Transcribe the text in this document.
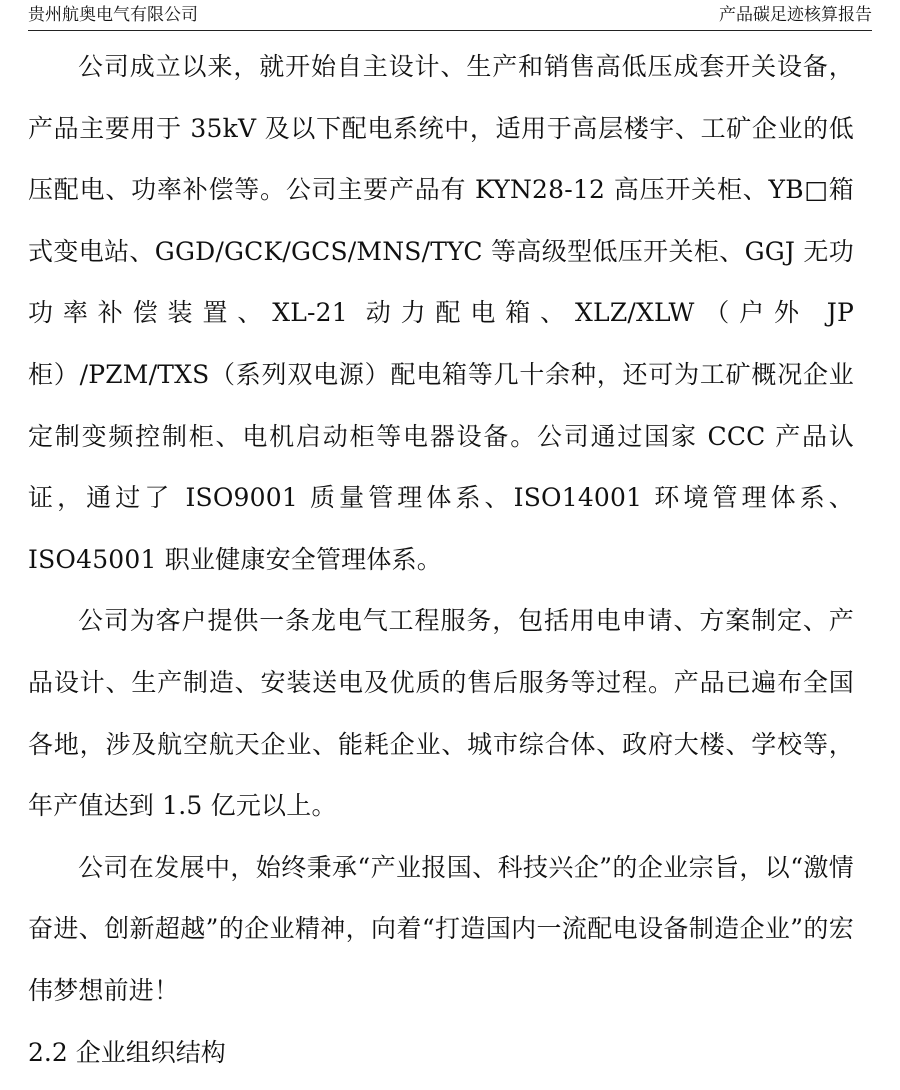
贵州航奥电气有限公司	产品碳足迹核算报告

公司成立以来，就开始自主设计、生产和销售高低压成套开关设备，产品主要用于 35kV 及以下配电系统中，适用于高层楼宇、工矿企业的低压配电、功率补偿等。公司主要产品有 KYN28-12 高压开关柜、YB□箱式变电站、GGD/GCK/GCS/MNS/TYC 等高级型低压开关柜、GGJ 无功功率补偿装置、XL-21 动力配电箱、XLZ/XLW（户外 JP 柜）/PZM/TXS（系列双电源）配电箱等几十余种，还可为工矿概况企业定制变频控制柜、电机启动柜等电器设备。公司通过国家 CCC 产品认证，通过了 ISO9001 质量管理体系、ISO14001 环境管理体系、ISO45001 职业健康安全管理体系。

公司为客户提供一条龙电气工程服务，包括用电申请、方案制定、产品设计、生产制造、安装送电及优质的售后服务等过程。产品已遍布全国各地，涉及航空航天企业、能耗企业、城市综合体、政府大楼、学校等，年产值达到 1.5 亿元以上。

公司在发展中，始终秉承“产业报国、科技兴企”的企业宗旨，以“激情奋进、创新超越”的企业精神，向着“打造国内一流配电设备制造企业”的宏伟梦想前进！

2.2 企业组织结构
